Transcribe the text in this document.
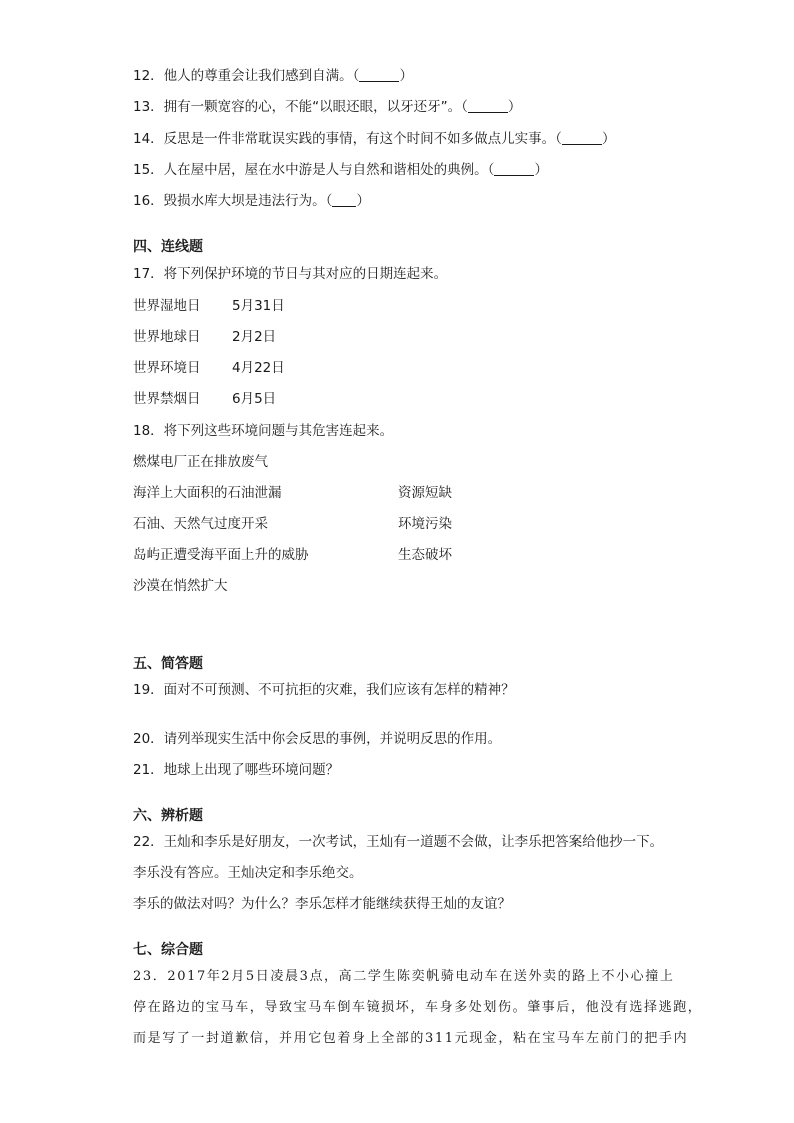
12．他人的尊重会让我们感到自满。（	）
13．拥有一颗宽容的心，不能“以眼还眼，以牙还牙”。（	）
14．反思是一件非常耽误实践的事情，有这个时间不如多做点儿实事。（	）
15．人在屋中居，屋在水中游是人与自然和谐相处的典例。（	）
16．毁损水库大坝是违法行为。（ ）
四、连线题
17．将下列保护环境的节日与其对应的日期连起来。
世界湿地日 5月31日
世界地球日 2月2日
世界环境日 4月22日
世界禁烟日 6月5日
18．将下列这些环境问题与其危害连起来。
燃煤电厂正在排放废气
海洋上大面积的石油泄漏	资源短缺
石油、天然气过度开采	环境污染
岛屿正遭受海平面上升的威胁	生态破坏
沙漠在悄然扩大
五、简答题
19．面对不可预测、不可抗拒的灾难，我们应该有怎样的精神？
20．请列举现实生活中你会反思的事例，并说明反思的作用。
21．地球上出现了哪些环境问题？
六、辨析题
22．王灿和李乐是好朋友，一次考试，王灿有一道题不会做，让李乐把答案给他抄一下。
李乐没有答应。王灿决定和李乐绝交。
李乐的做法对吗？为什么？李乐怎样才能继续获得王灿的友谊？
七、综合题
23．2017年2月5日凌晨3点，高二学生陈奕帆骑电动车在送外卖的路上不小心撞上
停在路边的宝马车，导致宝马车倒车镜损坏，车身多处划伤。肇事后，他没有选择逃跑，
而是写了一封道歉信，并用它包着身上全部的311元现金，粘在宝马车左前门的把手内
